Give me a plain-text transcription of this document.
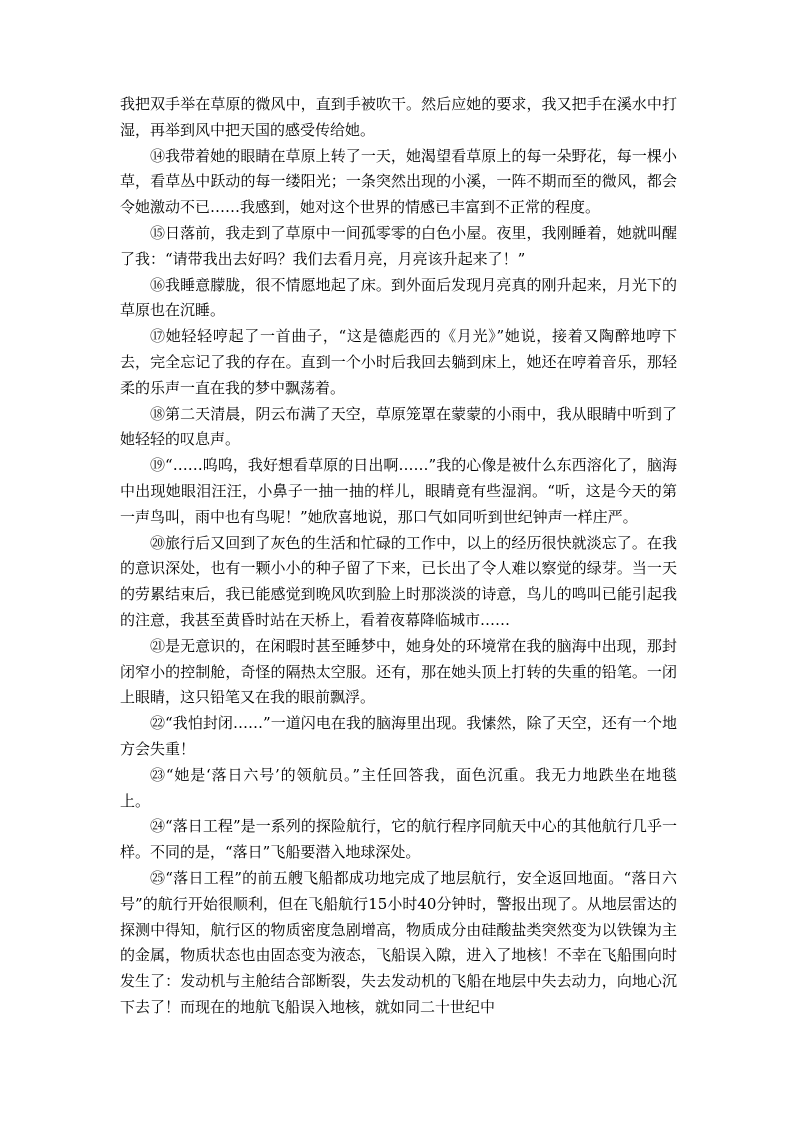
我把双手举在草原的微风中，直到手被吹干。然后应她的要求，我又把手在溪水中打湿，再举到风中把天国的感受传给她。

⑭我带着她的眼睛在草原上转了一天，她渴望看草原上的每一朵野花，每一棵小草，看草丛中跃动的每一缕阳光；一条突然出现的小溪，一阵不期而至的微风，都会令她激动不已……我感到，她对这个世界的情感已丰富到不正常的程度。

⑮日落前，我走到了草原中一间孤零零的白色小屋。夜里，我刚睡着，她就叫醒了我：“请带我出去好吗？我们去看月亮，月亮该升起来了！”

⑯我睡意朦胧，很不情愿地起了床。到外面后发现月亮真的刚升起来，月光下的草原也在沉睡。

⑰她轻轻哼起了一首曲子，“这是德彪西的《月光》”她说，接着又陶醉地哼下去，完全忘记了我的存在。直到一个小时后我回去躺到床上，她还在哼着音乐，那轻柔的乐声一直在我的梦中飘荡着。

⑱第二天清晨，阴云布满了天空，草原笼罩在蒙蒙的小雨中，我从眼睛中听到了她轻轻的叹息声。

⑲“……呜呜，我好想看草原的日出啊……”我的心像是被什么东西溶化了，脑海中出现她眼泪汪汪，小鼻子一抽一抽的样儿，眼睛竟有些湿润。“听，这是今天的第一声鸟叫，雨中也有鸟呢！”她欣喜地说，那口气如同听到世纪钟声一样庄严。

⑳旅行后又回到了灰色的生活和忙碌的工作中，以上的经历很快就淡忘了。在我的意识深处，也有一颗小小的种子留了下来，已长出了令人难以察觉的绿芽。当一天的劳累结束后，我已能感觉到晚风吹到脸上时那淡淡的诗意，鸟儿的鸣叫已能引起我的注意，我甚至黄昏时站在天桥上，看着夜幕降临城市……

㉑是无意识的，在闲暇时甚至睡梦中，她身处的环境常在我的脑海中出现，那封闭窄小的控制舱，奇怪的隔热太空服。还有，那在她头顶上打转的失重的铅笔。一闭上眼睛，这只铅笔又在我的眼前飘浮。

㉒“我怕封闭……”一道闪电在我的脑海里出现。我愫然，除了天空，还有一个地方会失重！

㉓“她是‘落日六号’的领航员。”主任回答我，面色沉重。我无力地跌坐在地毯上。

㉔“落日工程”是一系列的探险航行，它的航行程序同航天中心的其他航行几乎一样。不同的是，“落日”飞船要潜入地球深处。

㉕“落日工程”的前五艘飞船都成功地完成了地层航行，安全返回地面。“落日六号”的航行开始很顺利，但在飞船航行15小时40分钟时，警报出现了。从地层雷达的探测中得知，航行区的物质密度急剧增高，物质成分由硅酸盐类突然变为以铁镍为主的金属，物质状态也由固态变为液态，飞船误入隙，进入了地核！不幸在飞船围向时发生了：发动机与主舱结合部断裂，失去发动机的飞船在地层中失去动力，向地心沉下去了！而现在的地航飞船误入地核，就如同二十世纪中
